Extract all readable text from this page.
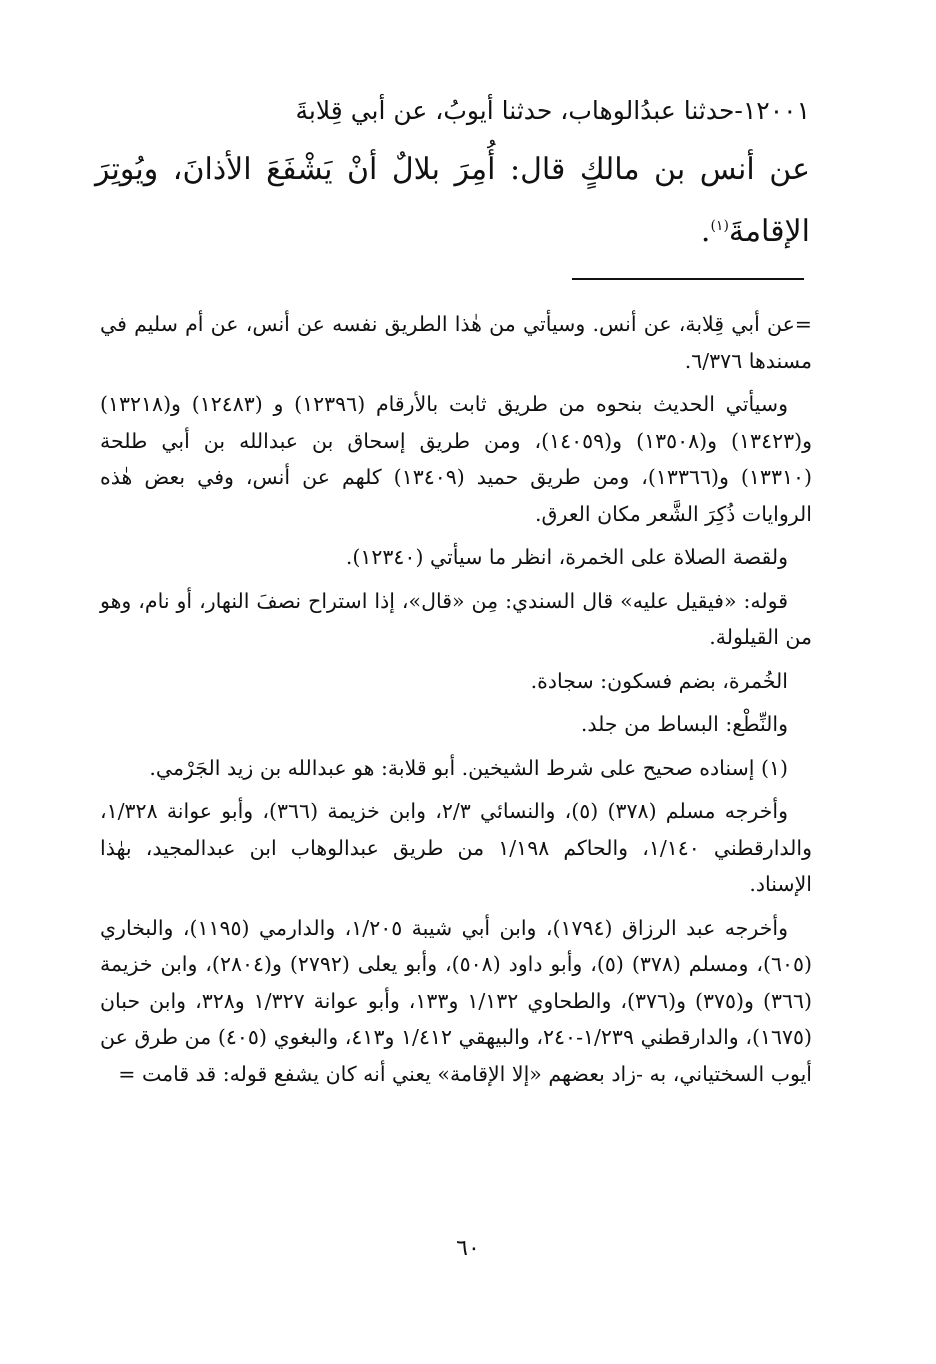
١٢٠٠١-حدثنا عبدُالوهاب، حدثنا أيوبُ، عن أبي قِلابةَ
عن أنس بن مالكٍ قال: أُمِرَ بلالٌ أنْ يَشْفَعَ الأذانَ، ويُوتِرَ الإقامةَ$^{(١)}$.

=عن أبي قِلابة، عن أنس. وسيأتي من هٰذا الطريق نفسه عن أنس، عن أم سليم في مسندها ٦/٣٧٦.

وسيأتي الحديث بنحوه من طريق ثابت بالأرقام (١٢٣٩٦) و (١٢٤٨٣) و(١٣٢١٨) و(١٣٤٢٣) و(١٣٥٠٨) و(١٤٠٥٩)، ومن طريق إسحاق بن عبدالله بن أبي طلحة (١٣٣١٠) و(١٣٣٦٦)، ومن طريق حميد (١٣٤٠٩) كلهم عن أنس، وفي بعض هٰذه الروايات ذُكِرَ الشَّعر مكان العرق.

ولقصة الصلاة على الخمرة، انظر ما سيأتي (١٢٣٤٠).

قوله: «فيقيل عليه» قال السندي: مِن «قال»، إذا استراح نصفَ النهار، أو نام، وهو من القيلولة.

الخُمرة، بضم فسكون: سجادة.

والنِّطْع: البساط من جلد.

(١) إسناده صحيح على شرط الشيخين. أبو قلابة: هو عبدالله بن زيد الجَرْمي.

وأخرجه مسلم (٣٧٨) (٥)، والنسائي ٢/٣، وابن خزيمة (٣٦٦)، وأبو عوانة ١/٣٢٨، والدارقطني ١/١٤٠، والحاكم ١/١٩٨ من طريق عبدالوهاب ابن عبدالمجيد، بهٰذا الإسناد.

وأخرجه عبد الرزاق (١٧٩٤)، وابن أبي شيبة ١/٢٠٥، والدارمي (١١٩٥)، والبخاري (٦٠٥)، ومسلم (٣٧٨) (٥)، وأبو داود (٥٠٨)، وأبو يعلى (٢٧٩٢) و(٢٨٠٤)، وابن خزيمة (٣٦٦) و(٣٧٥) و(٣٧٦)، والطحاوي ١/١٣٢ و١٣٣، وأبو عوانة ١/٣٢٧ و٣٢٨، وابن حبان (١٦٧٥)، والدارقطني ١/٢٣٩-٢٤٠، والبيهقي ١/٤١٢ و٤١٣، والبغوي (٤٠٥) من طرق عن أيوب السختياني، به -زاد بعضهم «إلا الإقامة» يعني أنه كان يشفع قوله: قد قامت =

٦٠
